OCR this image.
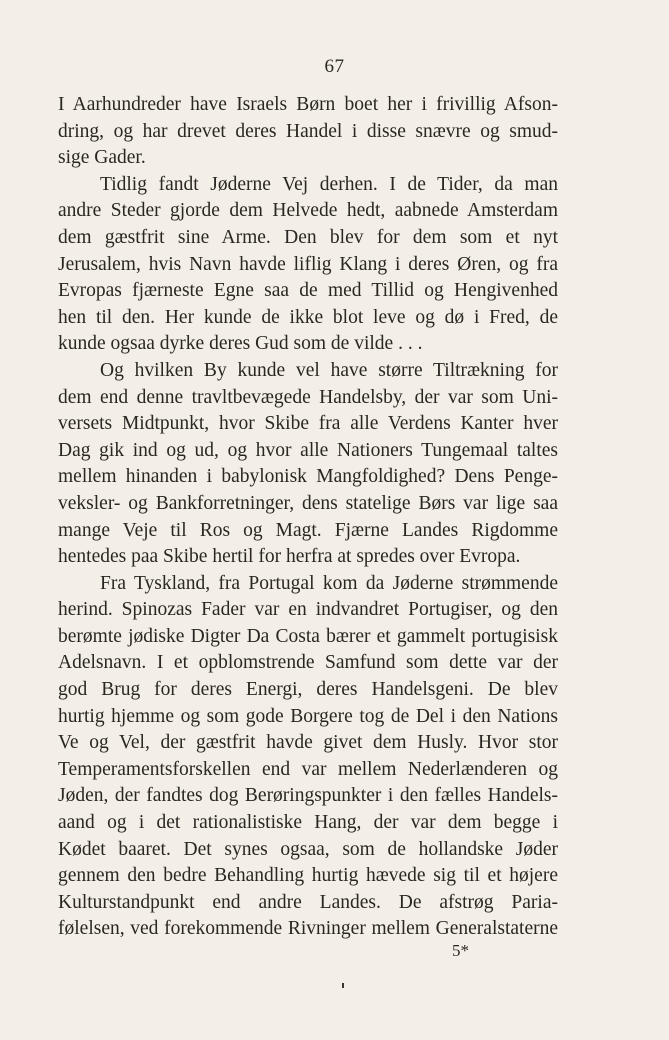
67
I Aarhundreder have Israels Børn boet her i frivillig Afson-
dring, og har drevet deres Handel i disse snævre og smud-
sige Gader.
Tidlig fandt Jøderne Vej derhen. I de Tider, da man
andre Steder gjorde dem Helvede hedt, aabnede Amsterdam
dem gæstfrit sine Arme. Den blev for dem som et nyt
Jerusalem, hvis Navn havde liflig Klang i deres Øren, og fra
Evropas fjærneste Egne saa de med Tillid og Hengivenhed
hen til den. Her kunde de ikke blot leve og dø i Fred, de
kunde ogsaa dyrke deres Gud som de vilde . . .
Og hvilken By kunde vel have større Tiltrækning for
dem end denne travltbevægede Handelsby, der var som Uni-
versets Midtpunkt, hvor Skibe fra alle Verdens Kanter hver
Dag gik ind og ud, og hvor alle Nationers Tungemaal taltes
mellem hinanden i babylonisk Mangfoldighed? Dens Penge-
veksler- og Bankforretninger, dens statelige Børs var lige saa
mange Veje til Ros og Magt. Fjærne Landes Rigdomme
hentedes paa Skibe hertil for herfra at spredes over Evropa.
Fra Tyskland, fra Portugal kom da Jøderne strømmende
herind. Spinozas Fader var en indvandret Portugiser, og den
berømte jødiske Digter Da Costa bærer et gammelt portugisisk
Adelsnavn. I et opblomstrende Samfund som dette var der
god Brug for deres Energi, deres Handelsgeni. De blev
hurtig hjemme og som gode Borgere tog de Del i den Nations
Ve og Vel, der gæstfrit havde givet dem Husly. Hvor stor
Temperamentsforskellen end var mellem Nederlænderen og
Jøden, der fandtes dog Berøringspunkter i den fælles Handels-
aand og i det rationalistiske Hang, der var dem begge i
Kødet baaret. Det synes ogsaa, som de hollandske Jøder
gennem den bedre Behandling hurtig hævede sig til et højere
Kulturstandpunkt end andre Landes. De afstrøg Paria-
følelsen, ved forekommende Rivninger mellem Generalstaterne
5*
